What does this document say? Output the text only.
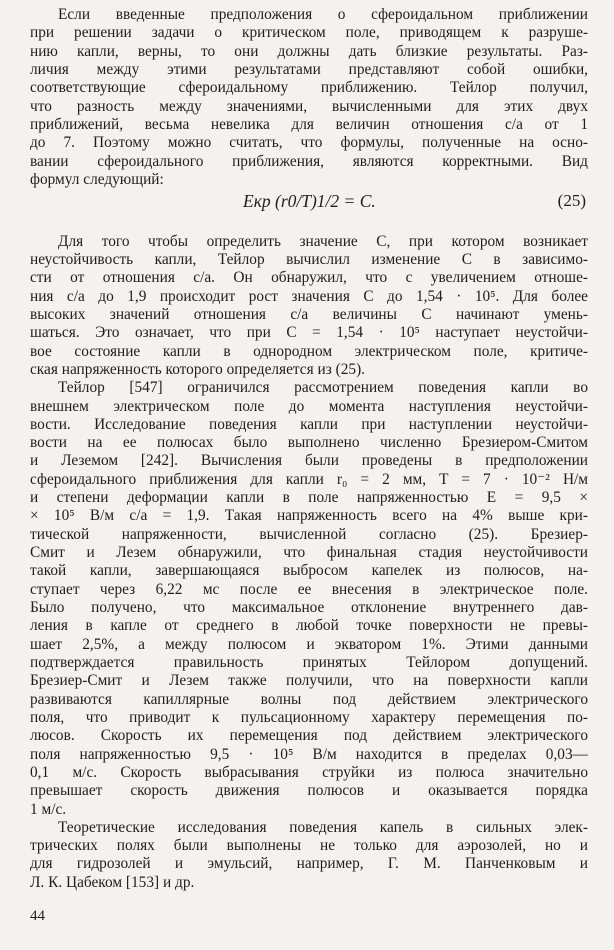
Если введенные предположения о сфероидальном приближении
при решении задачи о критическом поле, приводящем к разруше-
нию капли, верны, то они должны дать близкие результаты. Раз-
личия между этими результатами представляют собой ошибки,
соответствующие сфероидальному приближению. Тейлор получил,
что разность между значениями, вычисленными для этих двух
приближений, весьма невелика для величин отношения c/a от 1
до 7. Поэтому можно считать, что формулы, полученные на осно-
вании сфероидального приближения, являются корректными. Вид
формул следующий:
Eкр (r0/T)1/2 = C.	(25)
Для того чтобы определить значение C, при котором возникает
неустойчивость капли, Тейлор вычислил изменение C в зависимо-
сти от отношения c/a. Он обнаружил, что с увеличением отноше-
ния c/a до 1,9 происходит рост значения C до 1,54 · 10⁵. Для более
высоких значений отношения c/a величины C начинают умень-
шаться. Это означает, что при C = 1,54 · 10⁵ наступает неустойчи-
вое состояние капли в однородном электрическом поле, критиче-
ская напряженность которого определяется из (25).
Тейлор [547] ограничился рассмотрением поведения капли во
внешнем электрическом поле до момента наступления неустойчи-
вости. Исследование поведения капли при наступлении неустойчи-
вости на ее полюсах было выполнено численно Брезиером-Смитом
и Леземом [242]. Вычисления были проведены в предположении
сфероидального приближения для капли r₀ = 2 мм, T = 7 · 10⁻² Н/м
и степени деформации капли в поле напряженностью E = 9,5 ×
× 10⁵ В/м c/a = 1,9. Такая напряженность всего на 4% выше кри-
тической напряженности, вычисленной согласно (25). Брезиер-
Смит и Лезем обнаружили, что финальная стадия неустойчивости
такой капли, завершающаяся выбросом капелек из полюсов, на-
ступает через 6,22 мс после ее внесения в электрическое поле.
Было получено, что максимальное отклонение внутреннего дав-
ления в капле от среднего в любой точке поверхности не превы-
шает 2,5%, а между полюсом и экватором 1%. Этими данными
подтверждается правильность принятых Тейлором допущений.
Брезиер-Смит и Лезем также получили, что на поверхности капли
развиваются капиллярные волны под действием электрического
поля, что приводит к пульсационному характеру перемещения по-
люсов. Скорость их перемещения под действием электрического
поля напряженностью 9,5 · 10⁵ В/м находится в пределах 0,03—
0,1 м/с. Скорость выбрасывания струйки из полюса значительно
превышает скорость движения полюсов и оказывается порядка
1 м/с.
Теоретические исследования поведения капель в сильных элек-
трических полях были выполнены не только для аэрозолей, но и
для гидрозолей и эмульсий, например, Г. М. Панченковым и
Л. К. Цабеком [153] и др.
44
